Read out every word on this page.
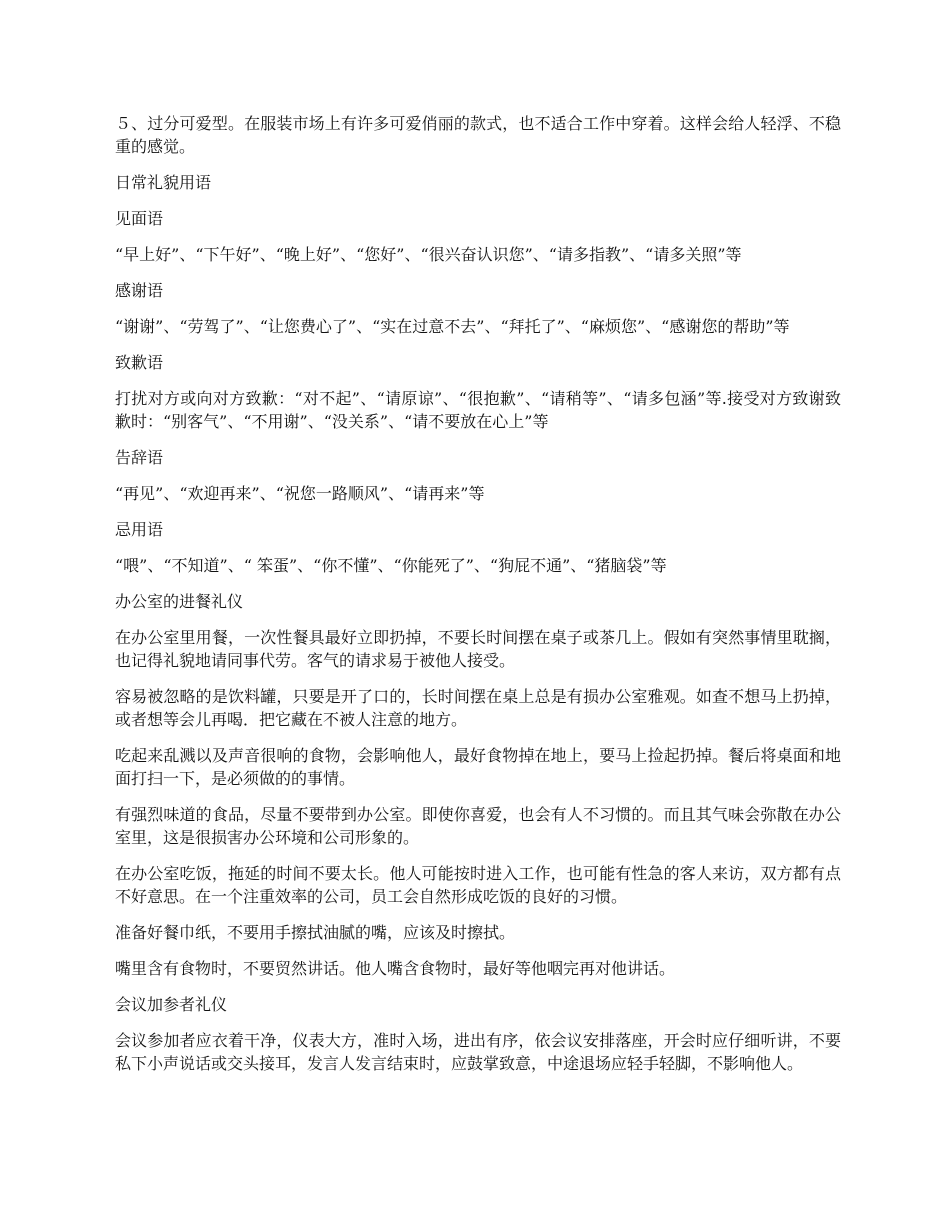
５、过分可爱型。在服装市场上有许多可爱俏丽的款式，也不适合工作中穿着。这样会给人轻浮、不稳重的感觉。

日常礼貌用语

见面语

“早上好”、“下午好”、“晚上好”、“您好”、“很兴奋认识您”、“请多指教”、“请多关照”等

感谢语

“谢谢”、“劳驾了”、“让您费心了”、“实在过意不去”、“拜托了”、“麻烦您”、“感谢您的帮助”等

致歉语

打扰对方或向对方致歉：“对不起”、“请原谅”、“很抱歉”、“请稍等”、“请多包涵”等.接受对方致谢致歉时：“别客气”、“不用谢”、“没关系”、“请不要放在心上”等

告辞语

“再见”、“欢迎再来”、“祝您一路顺风”、“请再来”等

忌用语

“喂”、“不知道”、“ 笨蛋”、“你不懂”、“你能死了”、“狗屁不通”、“猪脑袋”等

办公室的进餐礼仪

在办公室里用餐，一次性餐具最好立即扔掉，不要长时间摆在桌子或茶几上。假如有突然事情里耽搁，也记得礼貌地请同事代劳。客气的请求易于被他人接受。

容易被忽略的是饮料罐，只要是开了口的，长时间摆在桌上总是有损办公室雅观。如查不想马上扔掉，或者想等会儿再喝．把它藏在不被人注意的地方。

吃起来乱溅以及声音很响的食物，会影响他人，最好食物掉在地上，要马上捡起扔掉。餐后将桌面和地面打扫一下，是必须做的的事情。

有强烈味道的食品，尽量不要带到办公室。即使你喜爱，也会有人不习惯的。而且其气味会弥散在办公室里，这是很损害办公环境和公司形象的。

在办公室吃饭，拖延的时间不要太长。他人可能按时进入工作，也可能有性急的客人来访，双方都有点不好意思。在一个注重效率的公司，员工会自然形成吃饭的良好的习惯。

准备好餐巾纸，不要用手擦拭油腻的嘴，应该及时擦拭。

嘴里含有食物时，不要贸然讲话。他人嘴含食物时，最好等他咽完再对他讲话。

会议加参者礼仪

会议参加者应衣着干净，仪表大方，准时入场，进出有序，依会议安排落座，开会时应仔细听讲，不要私下小声说话或交头接耳，发言人发言结束时，应鼓掌致意，中途退场应轻手轻脚，不影响他人。
